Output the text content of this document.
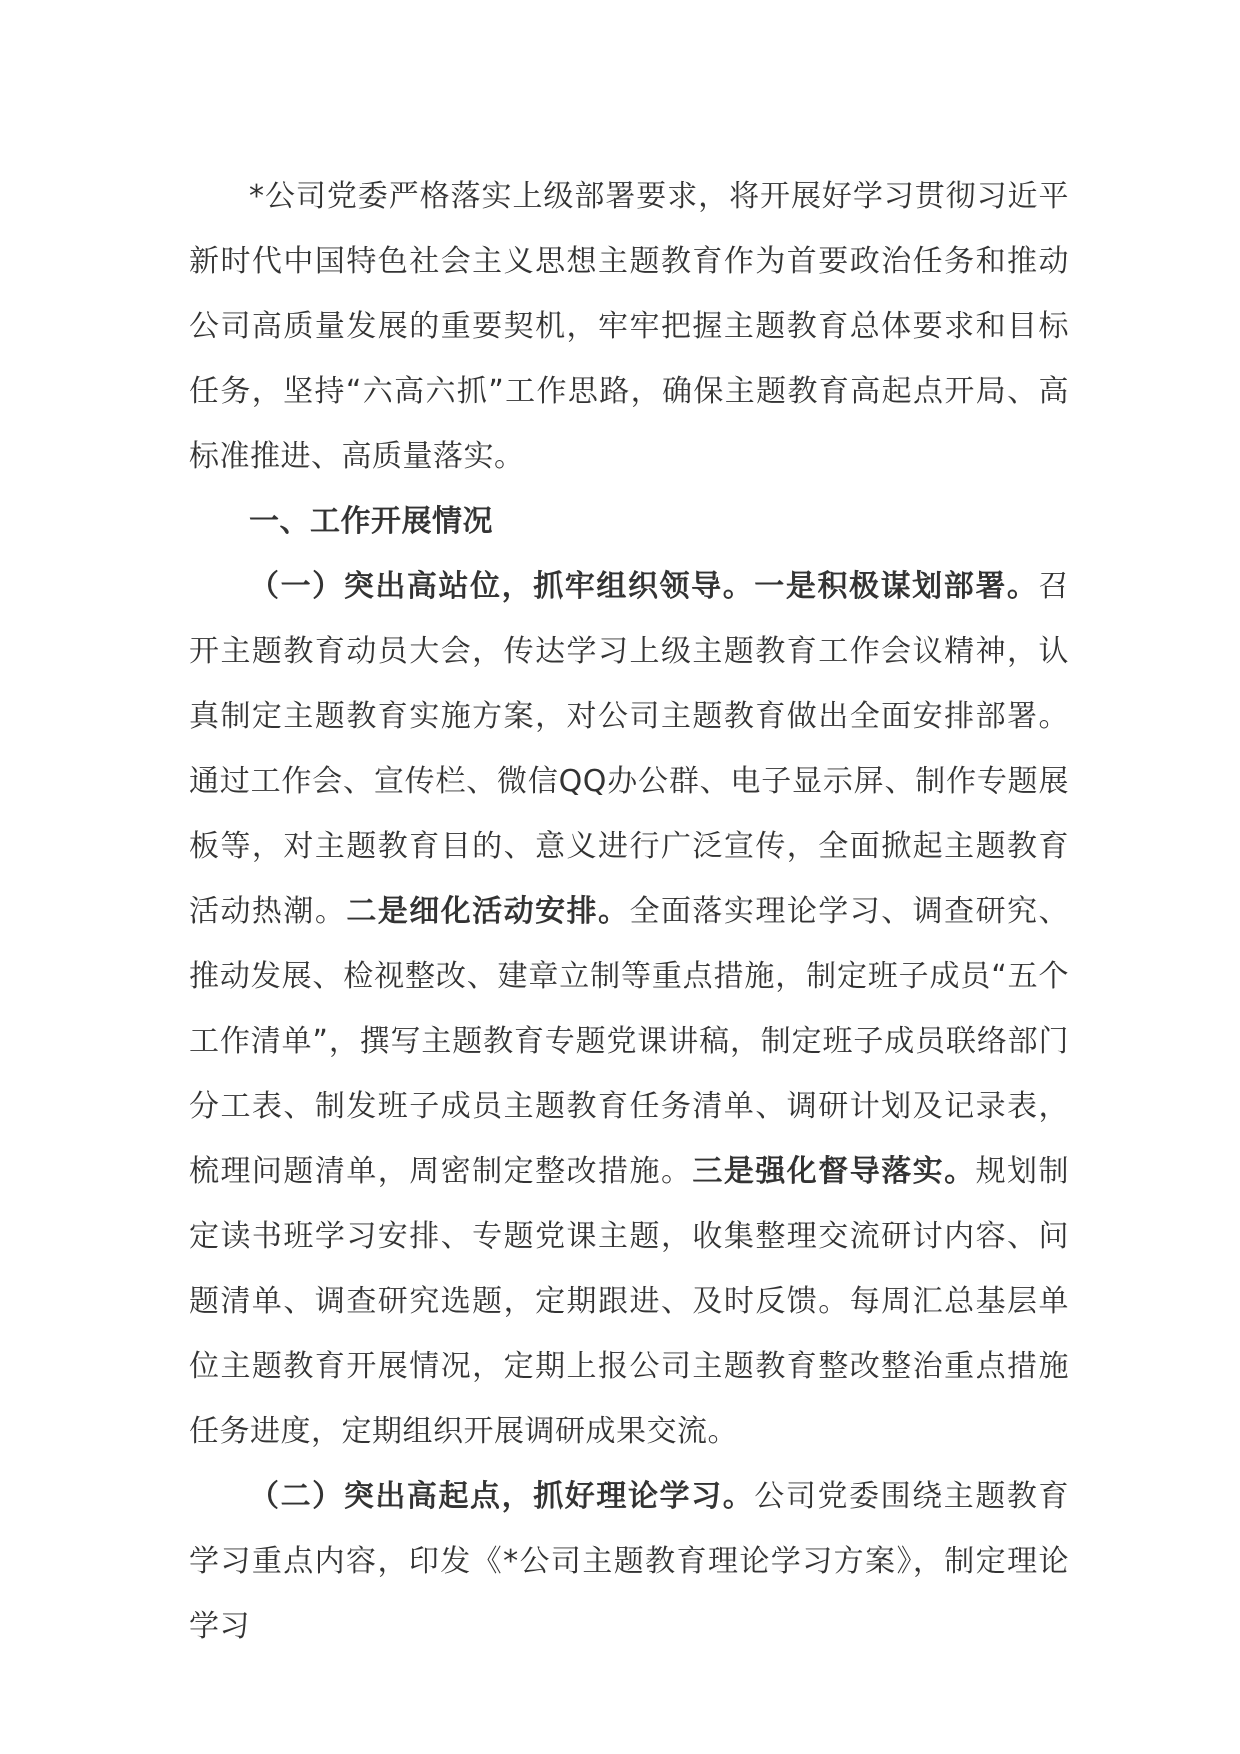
*公司党委严格落实上级部署要求，将开展好学习贯彻习近平新时代中国特色社会主义思想主题教育作为首要政治任务和推动公司高质量发展的重要契机，牢牢把握主题教育总体要求和目标任务，坚持“六高六抓”工作思路，确保主题教育高起点开局、高标准推进、高质量落实。

一、工作开展情况

（一）突出高站位，抓牢组织领导。一是积极谋划部署。召开主题教育动员大会，传达学习上级主题教育工作会议精神，认真制定主题教育实施方案，对公司主题教育做出全面安排部署。通过工作会、宣传栏、微信QQ办公群、电子显示屏、制作专题展板等，对主题教育目的、意义进行广泛宣传，全面掀起主题教育活动热潮。二是细化活动安排。全面落实理论学习、调查研究、推动发展、检视整改、建章立制等重点措施，制定班子成员“五个工作清单”，撰写主题教育专题党课讲稿，制定班子成员联络部门分工表、制发班子成员主题教育任务清单、调研计划及记录表，梳理问题清单，周密制定整改措施。三是强化督导落实。规划制定读书班学习安排、专题党课主题，收集整理交流研讨内容、问题清单、调查研究选题，定期跟进、及时反馈。每周汇总基层单位主题教育开展情况，定期上报公司主题教育整改整治重点措施任务进度，定期组织开展调研成果交流。

（二）突出高起点，抓好理论学习。公司党委围绕主题教育学习重点内容，印发《*公司主题教育理论学习方案》，制定理论学习
